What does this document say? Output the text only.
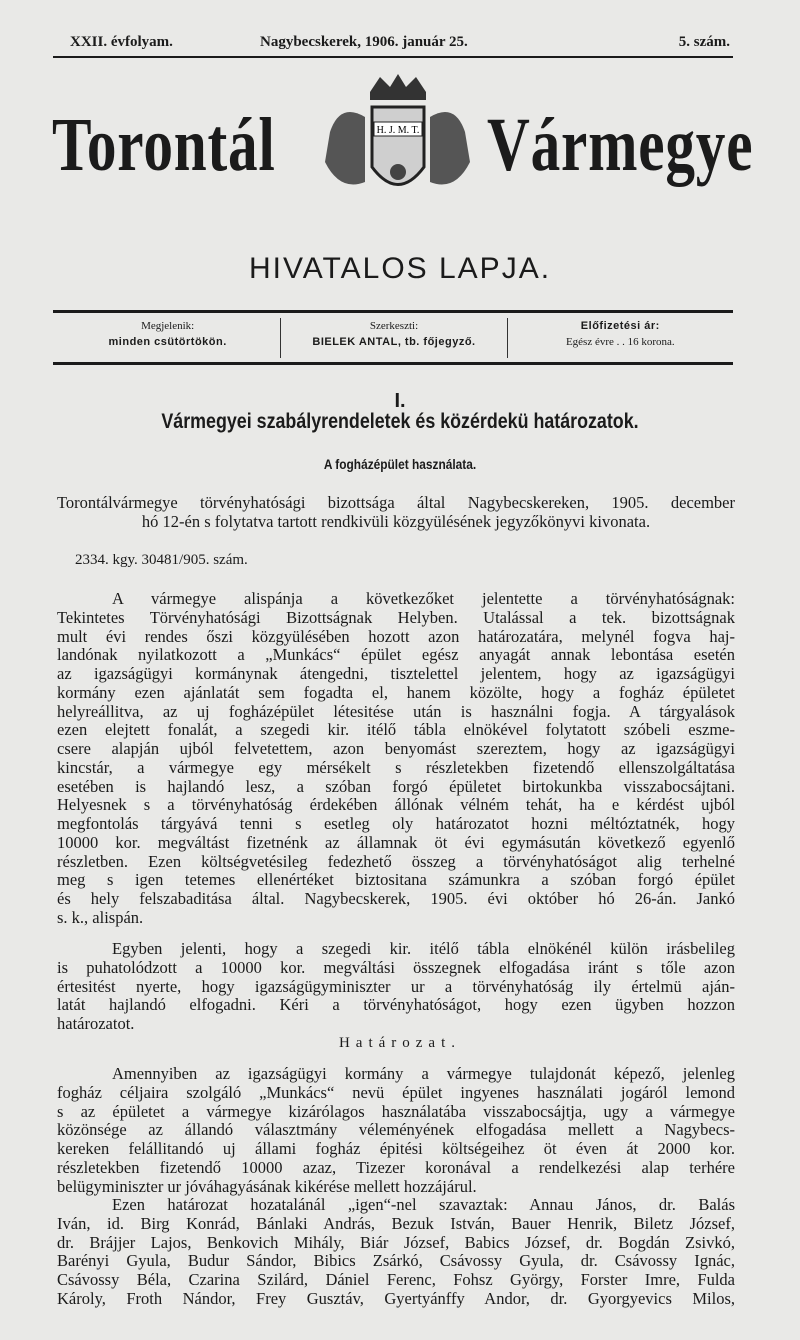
XXII. évfolyam.	Nagybecskerek, 1906. január 25.	5. szám.
Torontál	H. J. M. T. Vármegye
HIVATALOS LAPJA.
Megjelenik:
minden csütörtökön.
Szerkeszti:
BIELEK ANTAL, tb. főjegyző.
Előfizetési ár:
Egész évre . . 16 korona.
I.
Vármegyei szabályrendeletek és közérdekü határozatok.
A fogházépület használata.
Torontálvármegye törvényhatósági bizottsága által Nagybecskereken, 1905. december
hó 12-én s folytatva tartott rendkivüli közgyülésének jegyzőkönyvi kivonata.
2334. kgy. 30481/905. szám.
A vármegye alispánja a következőket jelentette a törvényhatóságnak:
Tekintetes Törvényhatósági Bizottságnak Helyben. Utalással a tek. bizottságnak
mult évi rendes őszi közgyülésében hozott azon határozatára, melynél fogva haj-
landónak nyilatkozott a „Munkács“ épület egész anyagát annak lebontása esetén
az igazságügyi kormánynak átengedni, tisztelettel jelentem, hogy az igazságügyi
kormány ezen ajánlatát sem fogadta el, hanem közölte, hogy a fogház épületet
helyreállitva, az uj fogházépület létesitése után is használni fogja. A tárgyalások
ezen elejtett fonalát, a szegedi kir. itélő tábla elnökével folytatott szóbeli eszme-
csere alapján ujból felvetettem, azon benyomást szereztem, hogy az igazságügyi
kincstár, a vármegye egy mérsékelt s részletekben fizetendő ellenszolgáltatása
esetében is hajlandó lesz, a szóban forgó épületet birtokunkba visszabocsájtani.
Helyesnek s a törvényhatóság érdekében állónak vélném tehát, ha e kérdést ujból
megfontolás tárgyává tenni s esetleg oly határozatot hozni méltóztatnék, hogy
10000 kor. megváltást fizetnénk az államnak öt évi egymásután következő egyenlő
részletben. Ezen költségvetésileg fedezhető összeg a törvényhatóságot alig terhelné
meg s igen tetemes ellenértéket biztositana számunkra a szóban forgó épület
és hely felszabaditása által. Nagybecskerek, 1905. évi október hó 26-án. Jankó
s. k., alispán.
Egyben jelenti, hogy a szegedi kir. itélő tábla elnökénél külön irásbelileg
is puhatolódzott a 10000 kor. megváltási összegnek elfogadása iránt s tőle azon
értesitést nyerte, hogy igazságügyminiszter ur a törvényhatóság ily értelmü aján-
latát hajlandó elfogadni. Kéri a törvényhatóságot, hogy ezen ügyben hozzon
határozatot.
Határozat.
Amennyiben az igazságügyi kormány a vármegye tulajdonát képező, jelenleg
fogház céljaira szolgáló „Munkács“ nevü épület ingyenes használati jogáról lemond
s az épületet a vármegye kizárólagos használatába visszabocsájtja, ugy a vármegye
közönsége az állandó választmány véleményének elfogadása mellett a Nagybecs-
kereken felállitandó uj állami fogház épitési költségeihez öt éven át 2000 kor.
részletekben fizetendő 10000 azaz, Tizezer koronával a rendelkezési alap terhére
belügyminiszter ur jóváhagyásának kikérése mellett hozzájárul.
Ezen határozat hozatalánál „igen“-nel szavaztak: Annau János, dr. Balás
Iván, id. Birg Konrád, Bánlaki András, Bezuk István, Bauer Henrik, Biletz József,
dr. Brájjer Lajos, Benkovich Mihály, Biár József, Babics József, dr. Bogdán Zsivkó,
Barényi Gyula, Budur Sándor, Bibics Zsárkó, Csávossy Gyula, dr. Csávossy Ignác,
Csávossy Béla, Czarina Szilárd, Dániel Ferenc, Fohsz György, Forster Imre, Fulda
Károly, Froth Nándor, Frey Gusztáv, Gyertyánffy Andor, dr. Gyorgyevics Milos,
